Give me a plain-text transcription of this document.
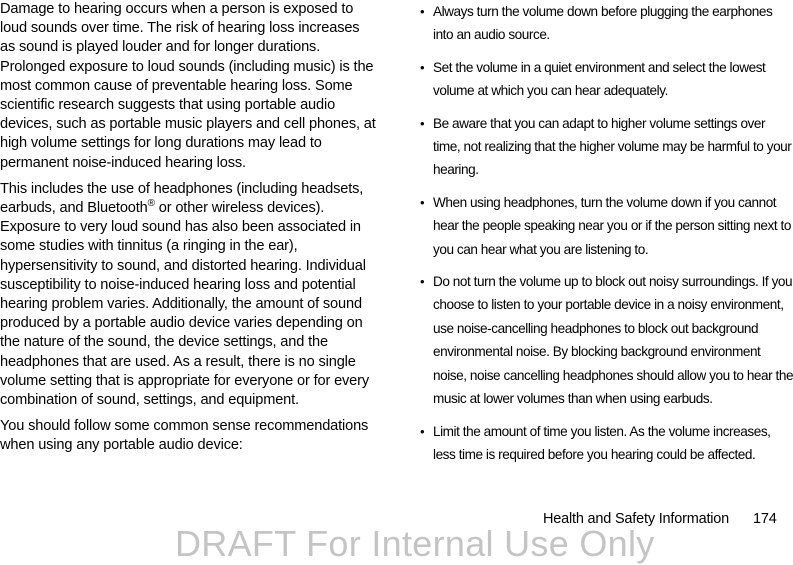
Damage to hearing occurs when a person is exposed to loud sounds over time. The risk of hearing loss increases as sound is played louder and for longer durations. Prolonged exposure to loud sounds (including music) is the most common cause of preventable hearing loss. Some scientific research suggests that using portable audio devices, such as portable music players and cell phones, at high volume settings for long durations may lead to permanent noise-induced hearing loss.

This includes the use of headphones (including headsets, earbuds, and Bluetooth® or other wireless devices). Exposure to very loud sound has also been associated in some studies with tinnitus (a ringing in the ear), hypersensitivity to sound, and distorted hearing. Individual susceptibility to noise-induced hearing loss and potential hearing problem varies. Additionally, the amount of sound produced by a portable audio device varies depending on the nature of the sound, the device settings, and the headphones that are used. As a result, there is no single volume setting that is appropriate for everyone or for every combination of sound, settings, and equipment.

You should follow some common sense recommendations when using any portable audio device:

• Always turn the volume down before plugging the earphones into an audio source.
• Set the volume in a quiet environment and select the lowest volume at which you can hear adequately.
• Be aware that you can adapt to higher volume settings over time, not realizing that the higher volume may be harmful to your hearing.
• When using headphones, turn the volume down if you cannot hear the people speaking near you or if the person sitting next to you can hear what you are listening to.
• Do not turn the volume up to block out noisy surroundings. If you choose to listen to your portable device in a noisy environment, use noise-cancelling headphones to block out background environmental noise. By blocking background environment noise, noise cancelling headphones should allow you to hear the music at lower volumes than when using earbuds.
• Limit the amount of time you listen. As the volume increases, less time is required before you hearing could be affected.
Health and Safety Information 174
DRAFT For Internal Use Only
